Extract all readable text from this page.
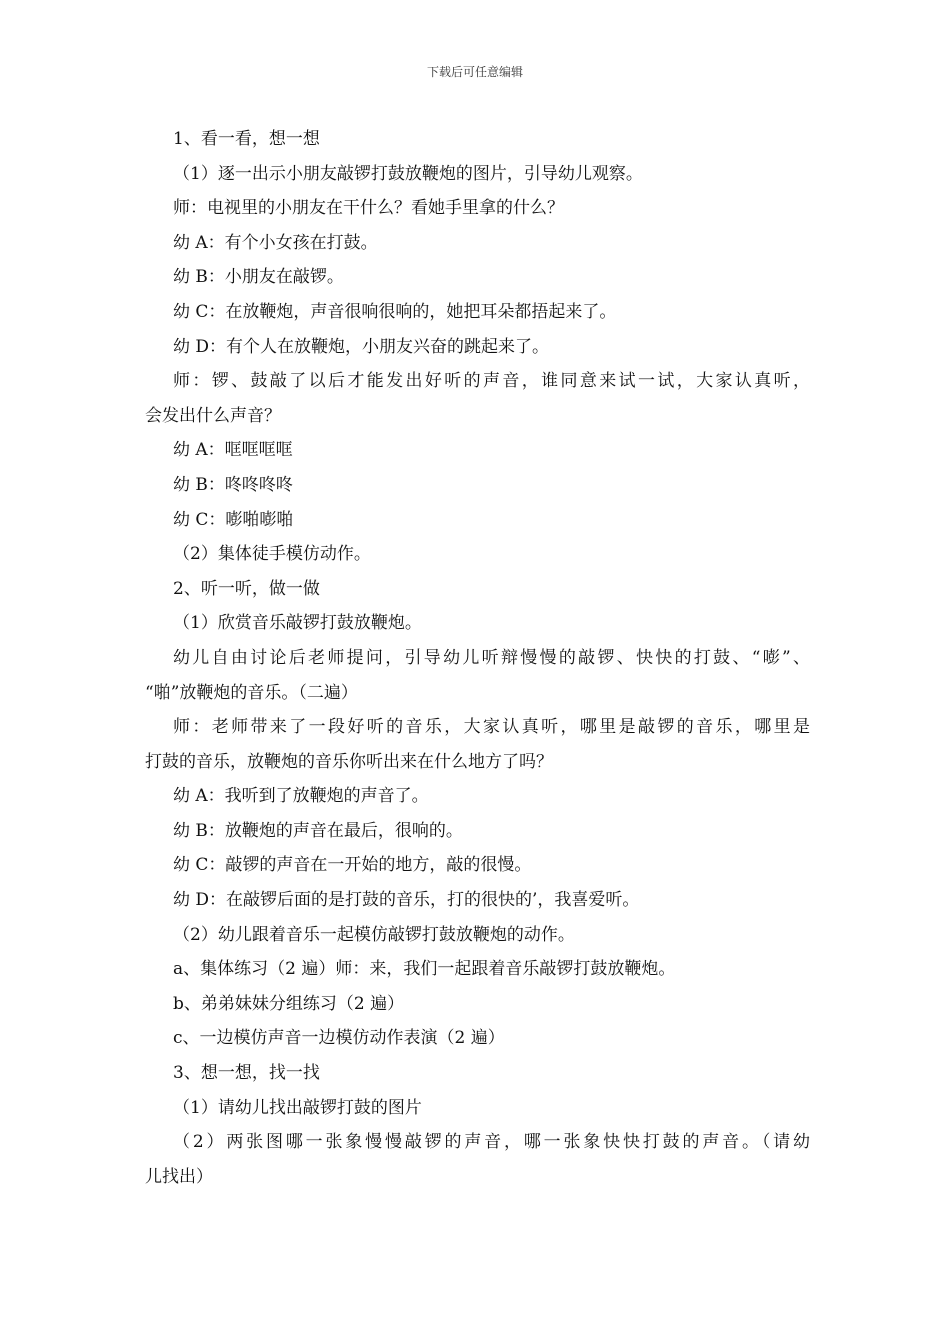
下载后可任意编辑
1、看一看，想一想
（1）逐一出示小朋友敲锣打鼓放鞭炮的图片，引导幼儿观察。
师：电视里的小朋友在干什么？看她手里拿的什么？
幼 A：有个小女孩在打鼓。
幼 B：小朋友在敲锣。
幼 C：在放鞭炮，声音很响很响的，她把耳朵都捂起来了。
幼 D：有个人在放鞭炮，小朋友兴奋的跳起来了。
师：锣、鼓敲了以后才能发出好听的声音，谁同意来试一试，大家认真听，
会发出什么声音？
幼 A：哐哐哐哐
幼 B：咚咚咚咚
幼 C：嘭啪嘭啪
（2）集体徒手模仿动作。
2、听一听，做一做
（1）欣赏音乐敲锣打鼓放鞭炮。
幼儿自由讨论后老师提问，引导幼儿听辩慢慢的敲锣、快快的打鼓、“嘭”、
“啪”放鞭炮的音乐。（二遍）
师：老师带来了一段好听的音乐，大家认真听，哪里是敲锣的音乐，哪里是
打鼓的音乐，放鞭炮的音乐你听出来在什么地方了吗？
幼 A：我听到了放鞭炮的声音了。
幼 B：放鞭炮的声音在最后，很响的。
幼 C：敲锣的声音在一开始的地方，敲的很慢。
幼 D：在敲锣后面的是打鼓的音乐，打的很快的’，我喜爱听。
（2）幼儿跟着音乐一起模仿敲锣打鼓放鞭炮的动作。
a、集体练习（2 遍）师：来，我们一起跟着音乐敲锣打鼓放鞭炮。
b、弟弟妹妹分组练习（2 遍）
c、一边模仿声音一边模仿动作表演（2 遍）
3、想一想，找一找
（1）请幼儿找出敲锣打鼓的图片
（2）两张图哪一张象慢慢敲锣的声音，哪一张象快快打鼓的声音。（请幼
儿找出）
